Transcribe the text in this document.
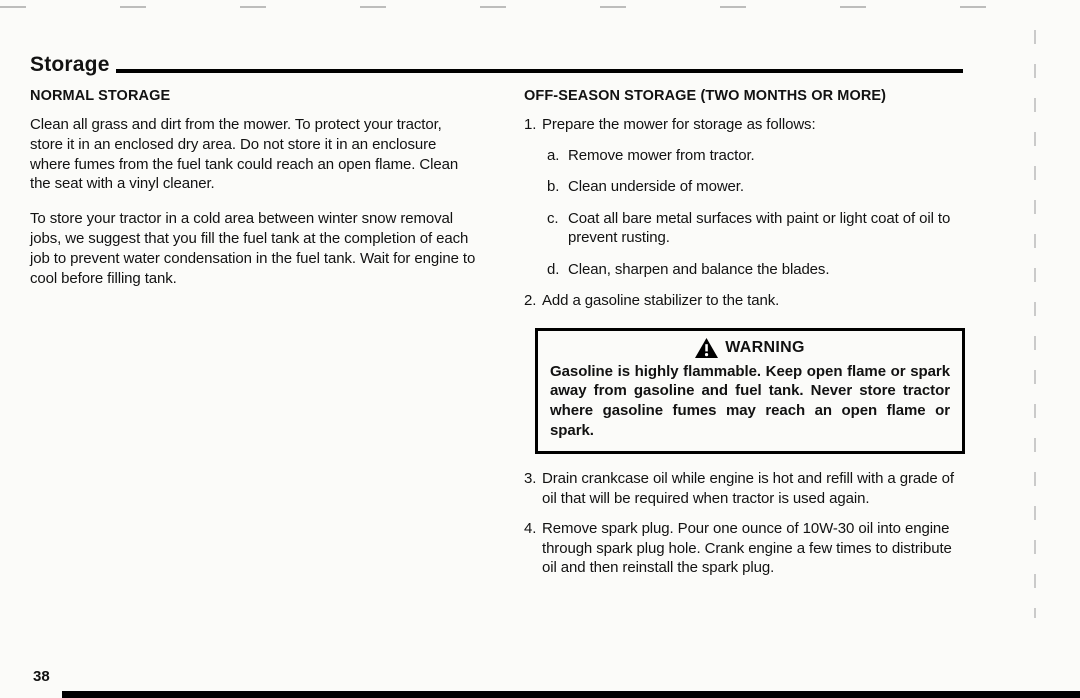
Storage
NORMAL STORAGE

Clean all grass and dirt from the mower. To protect your tractor, store it in an enclosed dry area. Do not store it in an enclosure where fumes from the fuel tank could reach an open flame. Clean the seat with a vinyl cleaner.

To store your tractor in a cold area between winter snow removal jobs, we suggest that you fill the fuel tank at the completion of each job to prevent water condensation in the fuel tank. Wait for engine to cool before filling tank.

OFF-SEASON STORAGE (TWO MONTHS OR MORE)
1. Prepare the mower for storage as follows:
a. Remove mower from tractor.
b. Clean underside of mower.
c. Coat all bare metal surfaces with paint or light coat of oil to prevent rusting.
d. Clean, sharpen and balance the blades.
2. Add a gasoline stabilizer to the tank.
WARNING
Gasoline is highly flammable. Keep open flame or spark away from gasoline and fuel tank. Never store tractor where gasoline fumes may reach an open flame or spark.
3. Drain crankcase oil while engine is hot and refill with a grade of oil that will be required when tractor is used again.
4. Remove spark plug. Pour one ounce of 10W-30 oil into engine through spark plug hole. Crank engine a few times to distribute oil and then reinstall the spark plug.
38
